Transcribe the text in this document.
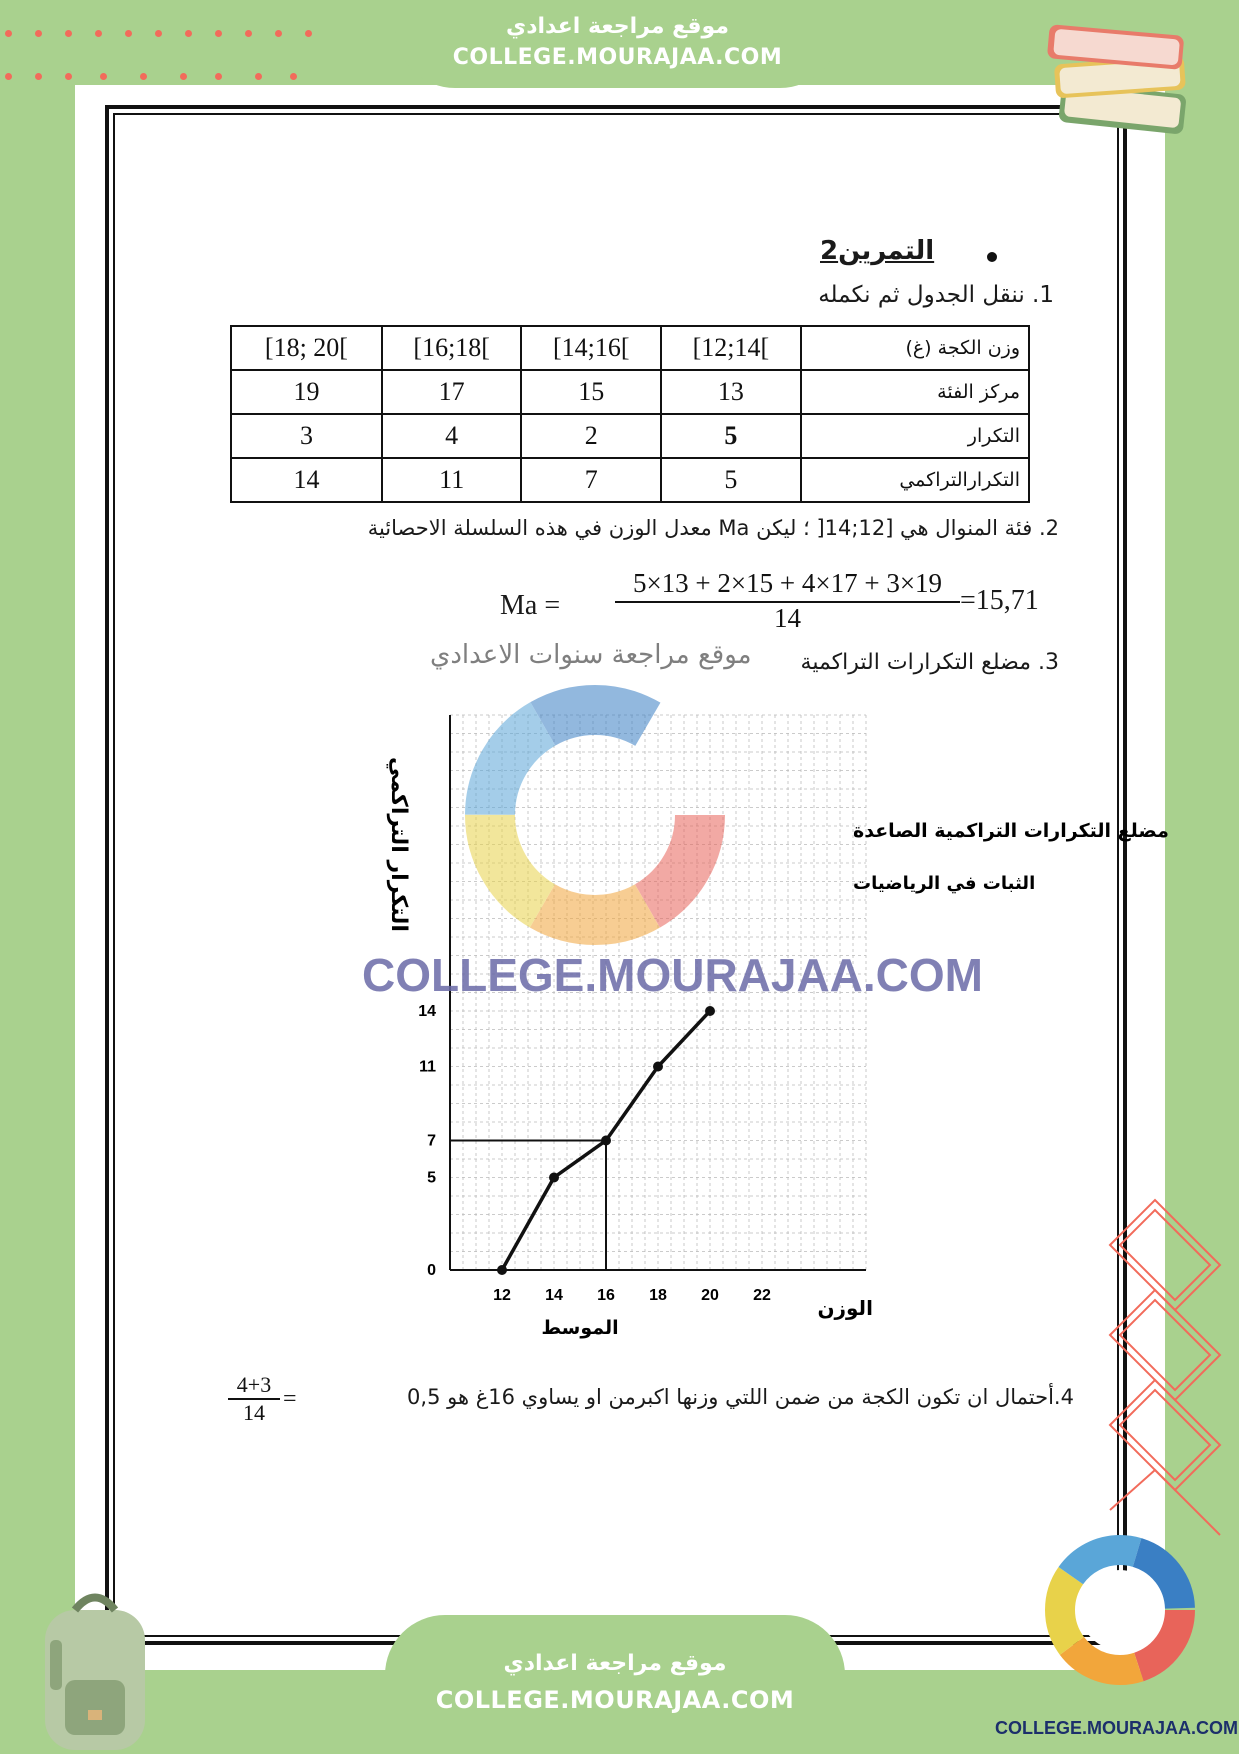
موقع مراجعة اعدادي
COLLEGE.MOURAJAA.COM
التمرين2
1. ننقل الجدول ثم نكمله
[18; 20[	[16;18[	[14;16[	[12;14[	وزن الكجة (غ)
19	17	15	13	مركز الفئة
3	4	2	5	التكرار
14	11	7	5	التكرارالتراكمي
2. فئة المنوال هي [12;14[ ؛ ليكن Ma معدل الوزن في هذه السلسلة الاحصائية
$Ma = \frac{5\times 13 + 2\times 15 + 4\times 17 + 3\times 19}{14} =15,71$
3. مضلع التكرارات التراكمية
12 14 16 18 20 22
0
5
7
11
14
مضلع التكرارات التراكمية الصاعدة
الثبات في الرياضيات
الوزن
الموسط
التكرار التراكمي
COLLEGE.MOURAJAA.COM
موقع مراجعة سنوات الاعدادي
4.أحتمال ان تكون الكجة من ضمن اللتي وزنها اكبرمن او يساوي 16غ هو 0,5
=
$\frac{4+3}{14}$
موقع مراجعة اعدادي
COLLEGE.MOURAJAA.COM
COLLEGE.MOURAJAA.COM
